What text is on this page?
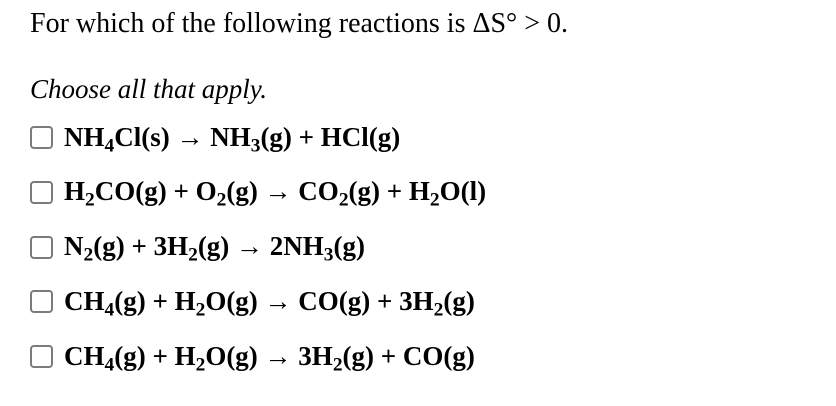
For which of the following reactions is ΔS° > 0.

Choose all that apply.

$NH_4Cl(s) \to NH_3(g) + HCl(g)$
$H_2CO(g) + O_2(g) \to CO_2(g) + H_2O(l)$
$N_2(g) + 3H_2(g) \to 2NH_3(g)$
$CH_4(g) + H_2O(g) \to CO(g) + 3H_2(g)$
$CH_4(g) + H_2O(g) \to 3H_2(g) + CO(g)$
